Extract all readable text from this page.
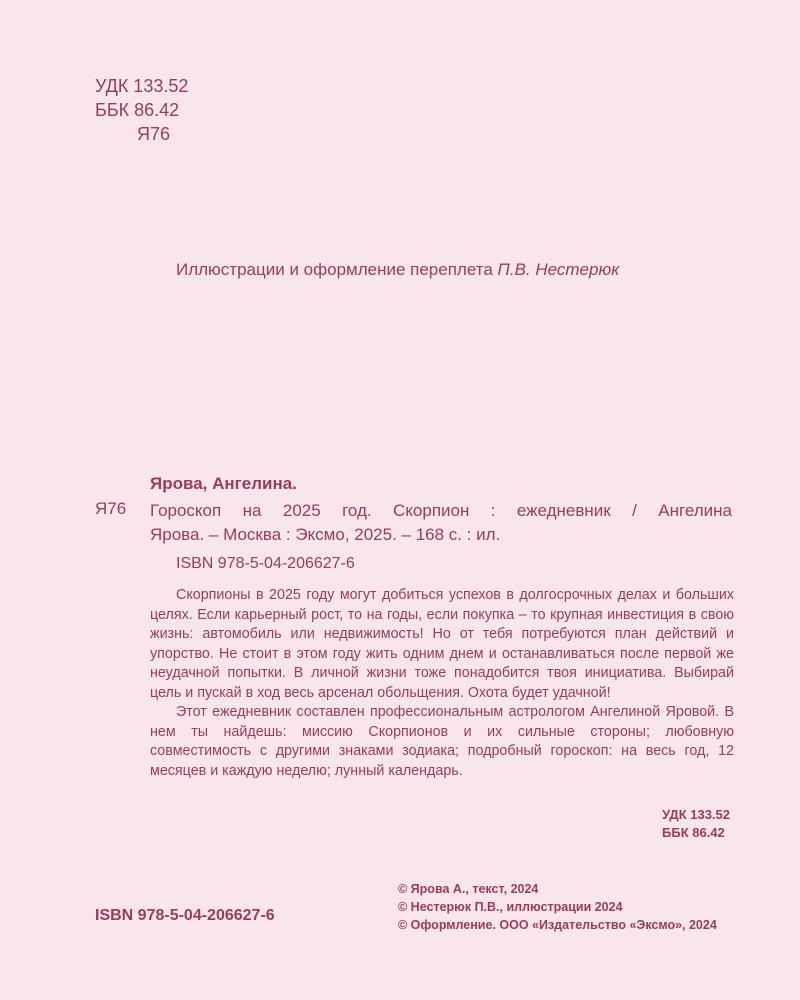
УДК 133.52
ББК 86.42
Я76
Иллюстрации и оформление переплета П.В. Нестерюк
Ярова, Ангелина.
Я76 Гороскоп на 2025 год. Скорпион : ежедневник / Ангелина
Ярова. – Москва : Эксмо, 2025. – 168 с. : ил.
ISBN 978-5-04-206627-6

Скорпионы в 2025 году могут добиться успехов в долгосрочных делах и больших целях. Если карьерный рост, то на годы, если покупка – то крупная инвестиция в свою жизнь: автомобиль или недвижимость! Но от тебя потребуются план действий и упорство. Не стоит в этом году жить одним днем и останавливаться после первой же неудачной попытки. В личной жизни тоже понадобится твоя инициатива. Выбирай цель и пускай в ход весь арсенал обольщения. Охота будет удачной!

Этот ежедневник составлен профессиональным астрологом Ангелиной Яровой. В нем ты найдешь: миссию Скорпионов и их сильные стороны; любовную совместимость с другими знаками зодиака; подробный гороскоп: на весь год, 12 месяцев и каждую неделю; лунный календарь.

УДК 133.52
ББК 86.42
© Ярова А., текст, 2024
© Нестерюк П.В., иллюстрации 2024
© Оформление. ООО «Издательство «Эксмо», 2024
ISBN 978-5-04-206627-6
